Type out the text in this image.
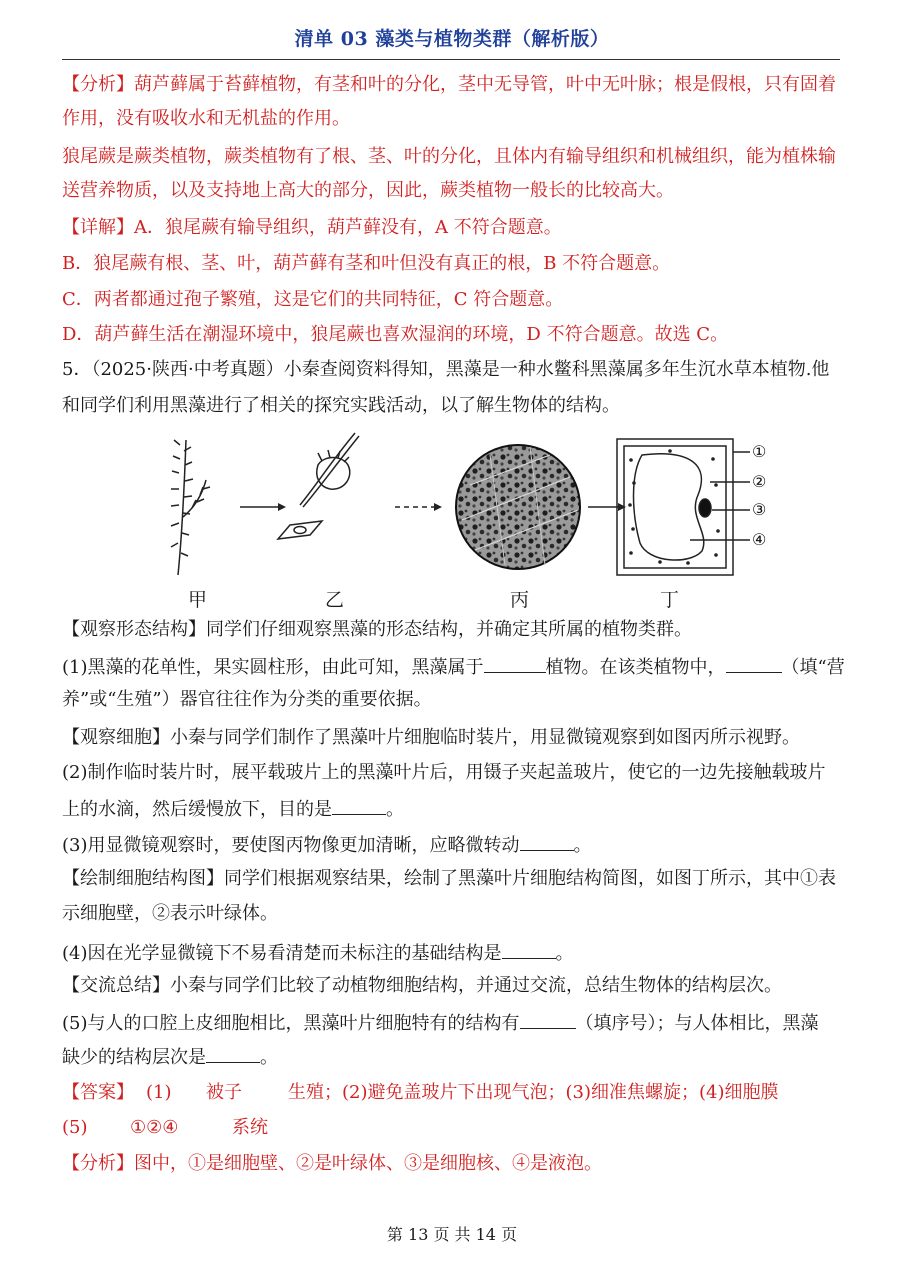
清单 03 藻类与植物类群（解析版）
【分析】葫芦藓属于苔藓植物，有茎和叶的分化，茎中无导管，叶中无叶脉；根是假根，只有固着
作用，没有吸收水和无机盐的作用。
狼尾蕨是蕨类植物，蕨类植物有了根、茎、叶的分化，且体内有输导组织和机械组织，能为植株输
送营养物质，以及支持地上高大的部分，因此，蕨类植物一般长的比较高大。
【详解】A．狼尾蕨有输导组织，葫芦藓没有，A 不符合题意。
B．狼尾蕨有根、茎、叶，葫芦藓有茎和叶但没有真正的根，B 不符合题意。
C．两者都通过孢子繁殖，这是它们的共同特征，C 符合题意。
D．葫芦藓生活在潮湿环境中，狼尾蕨也喜欢湿润的环境，D 不符合题意。故选 C。
5．（2025·陕西·中考真题）小秦查阅资料得知，黑藻是一种水鳖科黑藻属多年生沉水草本植物.他
和同学们利用黑藻进行了相关的探究实践活动，以了解生物体的结构。
①
②
③
④
甲	乙	丙	丁
【观察形态结构】同学们仔细观察黑藻的形态结构，并确定其所属的植物类群。
(1)黑藻的花单性，果实圆柱形，由此可知，黑藻属于	植物。在该类植物中，	（填“营
养”或“生殖”）器官往往作为分类的重要依据。
【观察细胞】小秦与同学们制作了黑藻叶片细胞临时装片，用显微镜观察到如图丙所示视野。
(2)制作临时装片时，展平载玻片上的黑藻叶片后，用镊子夹起盖玻片，使它的一边先接触载玻片
上的水滴，然后缓慢放下，目的是	。
(3)用显微镜观察时，要使图丙物像更加清晰，应略微转动	。
【绘制细胞结构图】同学们根据观察结果，绘制了黑藻叶片细胞结构简图，如图丁所示，其中①表
示细胞壁，②表示叶绿体。
(4)因在光学显微镜下不易看清楚而未标注的基础结构是	。
【交流总结】小秦与同学们比较了动植物细胞结构，并通过交流，总结生物体的结构层次。
(5)与人的口腔上皮细胞相比，黑藻叶片细胞特有的结构有	（填序号）；与人体相比，黑藻
缺少的结构层次是	。
【答案】 (1) 被子	生殖；(2)避免盖玻片下出现气泡；(3)细准焦螺旋；(4)细胞膜
(5) ①②④	系统
【分析】图中，①是细胞壁、②是叶绿体、③是细胞核、④是液泡。
第 13 页 共 14 页
